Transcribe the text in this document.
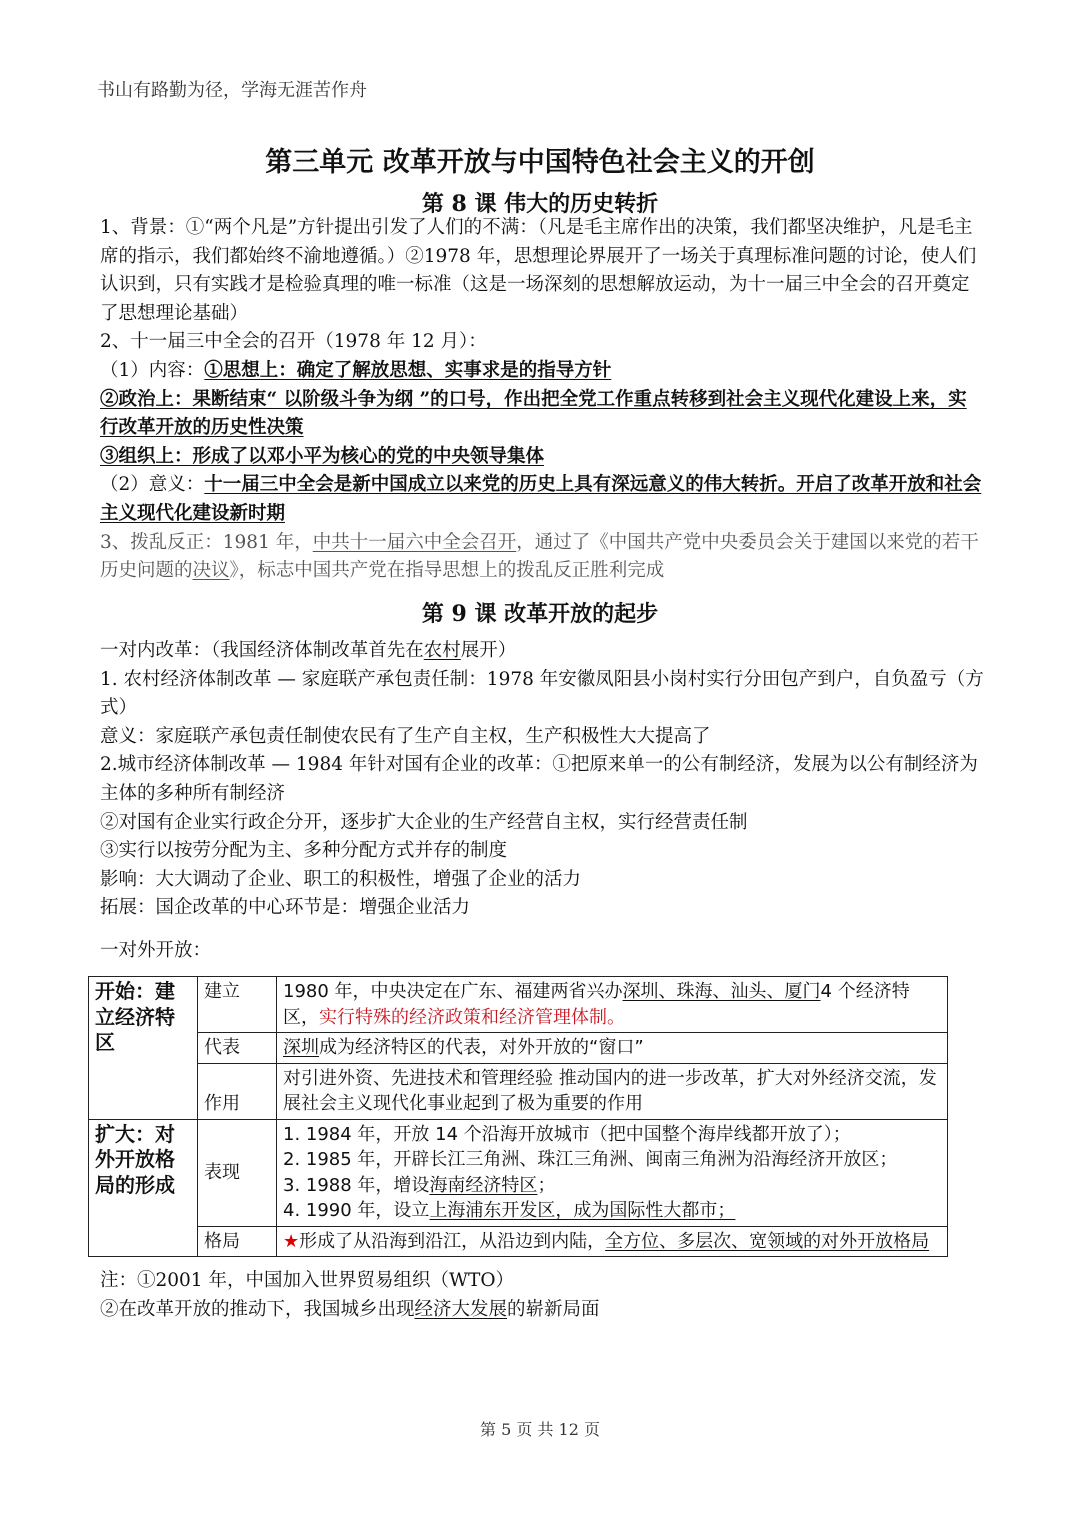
书山有路勤为径，学海无涯苦作舟
第三单元 改革开放与中国特色社会主义的开创
第 8 课 伟大的历史转折

1、背景：①“两个凡是”方针提出引发了人们的不满：（凡是毛主席作出的决策，我们都坚决维护，凡是毛主席的指示，我们都始终不渝地遵循。）②1978 年，思想理论界展开了一场关于真理标准问题的讨论，使人们认识到，只有实践才是检验真理的唯一标准（这是一场深刻的思想解放运动，为十一届三中全会的召开奠定了思想理论基础）

2、十一届三中全会的召开（1978 年 12 月）：

（1）内容：①思想上：确定了解放思想、实事求是的指导方针

②政治上：果断结束“ 以阶级斗争为纲 ”的口号，作出把全党工作重点转移到社会主义现代化建设上来，实行改革开放的历史性决策

③组织上：形成了以邓小平为核心的党的中央领导集体

（2）意义：十一届三中全会是新中国成立以来党的历史上具有深远意义的伟大转折。开启了改革开放和社会主义现代化建设新时期

3、拨乱反正：1981 年，中共十一届六中全会召开，通过了《中国共产党中央委员会关于建国以来党的若干历史问题的决议》，标志中国共产党在指导思想上的拨乱反正胜利完成

第 9 课 改革开放的起步

一对内改革：（我国经济体制改革首先在农村展开）

1. 农村经济体制改革 — 家庭联产承包责任制：1978 年安徽凤阳县小岗村实行分田包产到户，自负盈亏（方式）

意义：家庭联产承包责任制使农民有了生产自主权，生产积极性大大提高了

2.城市经济体制改革 — 1984 年针对国有企业的改革：①把原来单一的公有制经济，发展为以公有制经济为主体的多种所有制经济

②对国有企业实行政企分开，逐步扩大企业的生产经营自主权，实行经营责任制

③实行以按劳分配为主、多种分配方式并存的制度

影响：大大调动了企业、职工的积极性，增强了企业的活力

拓展：国企改革的中心环节是：增强企业活力

一对外开放：

开始：建立经济特区	建立	1980 年，中央决定在广东、福建两省兴办深圳、珠海、汕头、厦门4 个经济特区，实行特殊的经济政策和经济管理体制。
	代表	深圳成为经济特区的代表，对外开放的“窗口”
	作用	对引进外资、先进技术和管理经验 推动国内的进一步改革，扩大对外经济交流，发展社会主义现代化事业起到了极为重要的作用
扩大：对外开放格局的形成	表现	1. 1984 年，开放 14 个沿海开放城市（把中国整个海岸线都开放了）；
2. 1985 年，开辟长江三角洲、珠江三角洲、闽南三角洲为沿海经济开放区；
3. 1988 年，增设海南经济特区；
4. 1990 年，设立上海浦东开发区，成为国际性大都市；

	格局	★形成了从沿海到沿江，从沿边到内陆，全方位、多层次、宽领域的对外开放格局

注：①2001 年，中国加入世界贸易组织（WTO）

②在改革开放的推动下，我国城乡出现经济大发展的崭新局面

第 5 页 共 12 页
